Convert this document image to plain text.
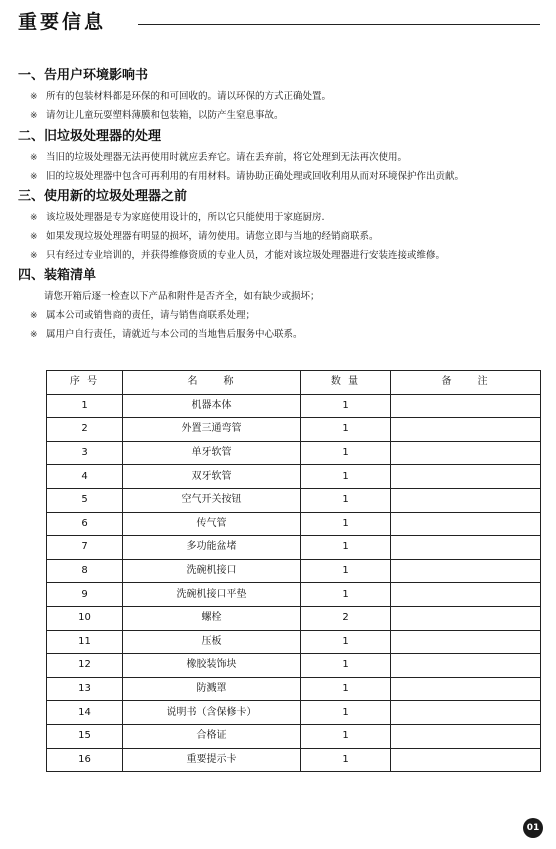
重要信息
一、告用户环境影响书
※ 所有的包装材料都是环保的和可回收的。请以环保的方式正确处置。
※ 请勿让儿童玩耍塑料薄膜和包装箱，以防产生窒息事故。
二、旧垃圾处理器的处理
※ 当旧的垃圾处理器无法再使用时就应丢弃它。请在丢弃前，将它处理到无法再次使用。
※ 旧的垃圾处理器中包含可再利用的有用材料。请协助正确处理或回收利用从而对环境保护作出贡献。
三、使用新的垃圾处理器之前
※ 该垃圾处理器是专为家庭使用设计的，所以它只能使用于家庭厨房.
※ 如果发现垃圾处理器有明显的损坏，请勿使用。请您立即与当地的经销商联系。
※ 只有经过专业培训的，并获得维修资质的专业人员，才能对该垃圾处理器进行安装连接或维修。
四、装箱清单
请您开箱后逐一检查以下产品和附件是否齐全，如有缺少或损坏；
※ 属本公司或销售商的责任，请与销售商联系处理；
※ 属用户自行责任，请就近与本公司的当地售后服务中心联系。
序 号	名　　称	数 量	备　　注
1	机器本体	1	
2	外置三通弯管	1	
3	单牙软管	1	
4	双牙软管	1	
5	空气开关按钮	1	
6	传气管	1	
7	多功能盆堵	1	
8	洗碗机接口	1	
9	洗碗机接口平垫	1	
10	螺栓	2	
11	压板	1	
12	橡胶装饰块	1	
13	防溅罩	1	
14	说明书（含保修卡）	1	
15	合格证	1	
16	重要提示卡	1	
01
